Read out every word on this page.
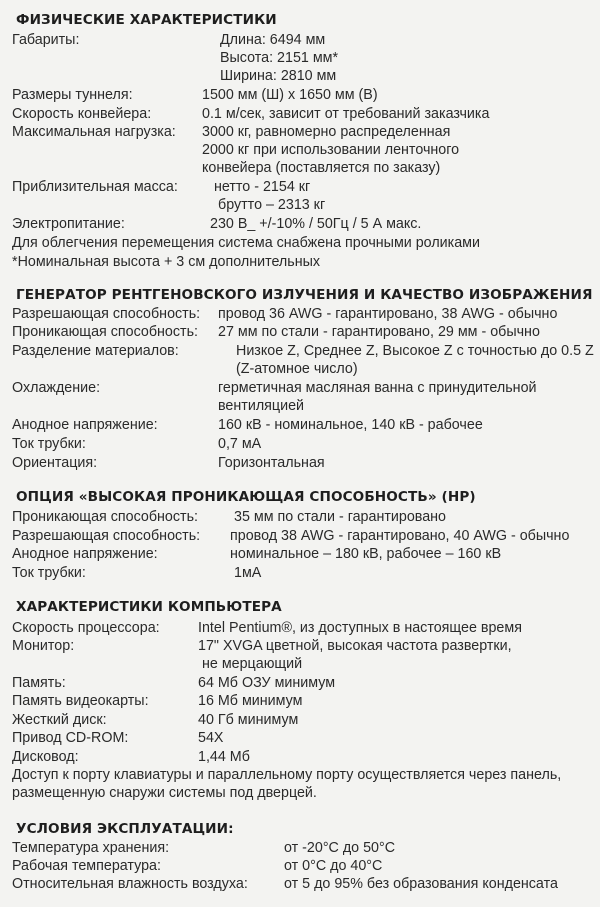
ФИЗИЧЕСКИЕ ХАРАКТЕРИСТИКИ
Габариты:	Длина: 6494 мм
Высота: 2151 мм*
Ширина: 2810 мм
Размеры туннеля:	1500 мм (Ш) x 1650 мм (В)
Скорость конвейера:	0.1 м/сек, зависит от требований заказчика
Максимальная нагрузка: 3000 кг, равномерно распределенная
2000 кг при использовании ленточного
конвейера (поставляется по заказу)
Приблизительная масса:	нетто - 2154 кг
брутто – 2313 кг
Электропитание:	230 В_ +/-10% / 50Гц / 5 А макс.
Для облегчения перемещения система снабжена прочными роликами
*Номинальная высота + 3 см дополнительных
ГЕНЕРАТОР РЕНТГЕНОВСКОГО ИЗЛУЧЕНИЯ И КАЧЕСТВО ИЗОБРАЖЕНИЯ
Разрешающая способность: провод 36 AWG - гарантировано, 38 AWG - обычно
Проникающая способность: 27 мм по стали - гарантировано, 29 мм - обычно
Разделение материалов:	Низкое Z, Среднее Z, Высокое Z с точностью до 0.5 Z
(Z-атомное число)
Охлаждение:	герметичная масляная ванна с принудительной
вентиляцией
Анодное напряжение:	160 кВ - номинальное, 140 кВ - рабочее
Ток трубки:	0,7 мА
Ориентация:	Горизонтальная
ОПЦИЯ «ВЫСОКАЯ ПРОНИКАЮЩАЯ СПОСОБНОСТЬ» (HP)
Проникающая способность:	35 мм по стали - гарантировано
Разрешающая способность: провод 38 AWG - гарантировано, 40 AWG - обычно
Анодное напряжение:	номинальное – 180 кВ, рабочее – 160 кВ
Ток трубки:	1мА
ХАРАКТЕРИСТИКИ КОМПЬЮТЕРА
Скорость процессора:	Intel Pentium®, из доступных в настоящее время
Монитор:	17" XVGA цветной, высокая частота развертки,
не мерцающий
Память:	64 Мб ОЗУ минимум
Память видеокарты:	16 Мб минимум
Жесткий диск:	40 Гб минимум
Привод CD-ROM:	54X
Дисковод:	1,44 Мб
Доступ к порту клавиатуры и параллельному порту осуществляется через панель,
размещенную снаружи системы под дверцей.
УСЛОВИЯ ЭКСПЛУАТАЦИИ:
Температура хранения:	от -20°С до 50°С
Рабочая температура:	от 0°С до 40°С
Относительная влажность воздуха:	от 5 до 95% без образования конденсата
